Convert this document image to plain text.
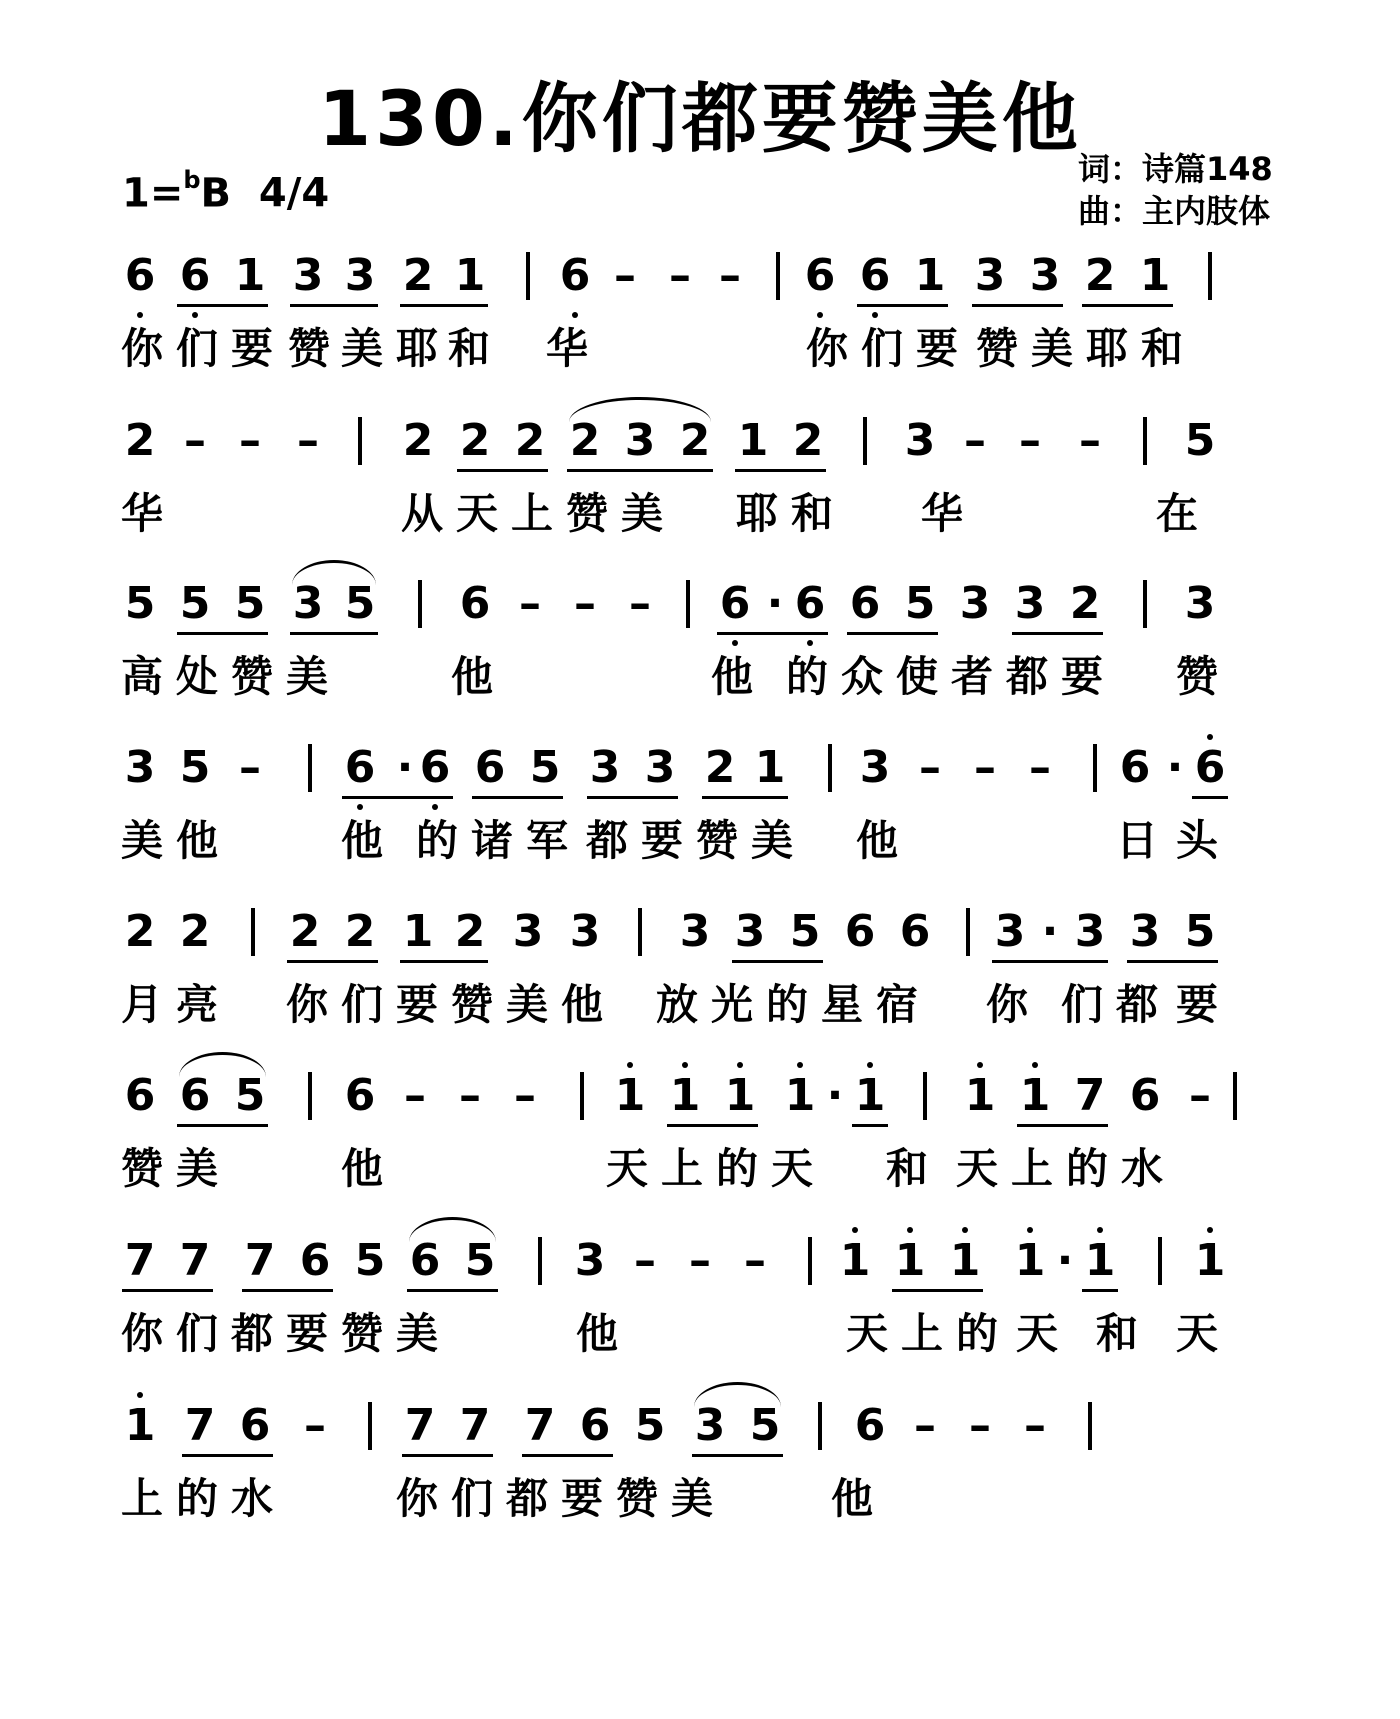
130.你们都要赞美他
1=$^b$B 4/4
词：诗篇148
曲：主内肢体
6 6 1 3 3 2 1 6 – – – 6 6 1 3 3 2 1
你 们 要 赞 美 耶 和 华	你 们 要 赞 美 耶 和
2 – – – 2 2 2 2 3 2 1 2 3 – – – 5
华	从 天 上 赞 美 耶 和 华	在
5 5 5 3 5 6 – – – 6 · 6 6 5 3 3 2 3
高 处 赞 美	他	他 的 众 使 者 都 要 赞
3 5 – 6 · 6 6 5 3 3 2 1 3 – – – 6 · 6
美 他	他 的 诸 军 都 要 赞 美 他	日 头
2 2 2 2 1 2 3 3 3 3 5 6 6 3 · 3 3 5
月 亮 你 们 要 赞 美 他 放 光 的 星 宿 你 们 都 要
6 6 5 6 – – – 1 1 1 1 · 1 1 1 7 6 –
赞 美	他	天 上 的 天 和 天 上 的 水
7 7 7 6 5 6 5 3 – – – 1 1 1 1 · 1 1
你 们 都 要 赞 美	他	天 上 的 天 和 天
1 7 6 – 7 7 7 6 5 3 5 6 – – –
上 的 水	你 们 都 要 赞 美	他
